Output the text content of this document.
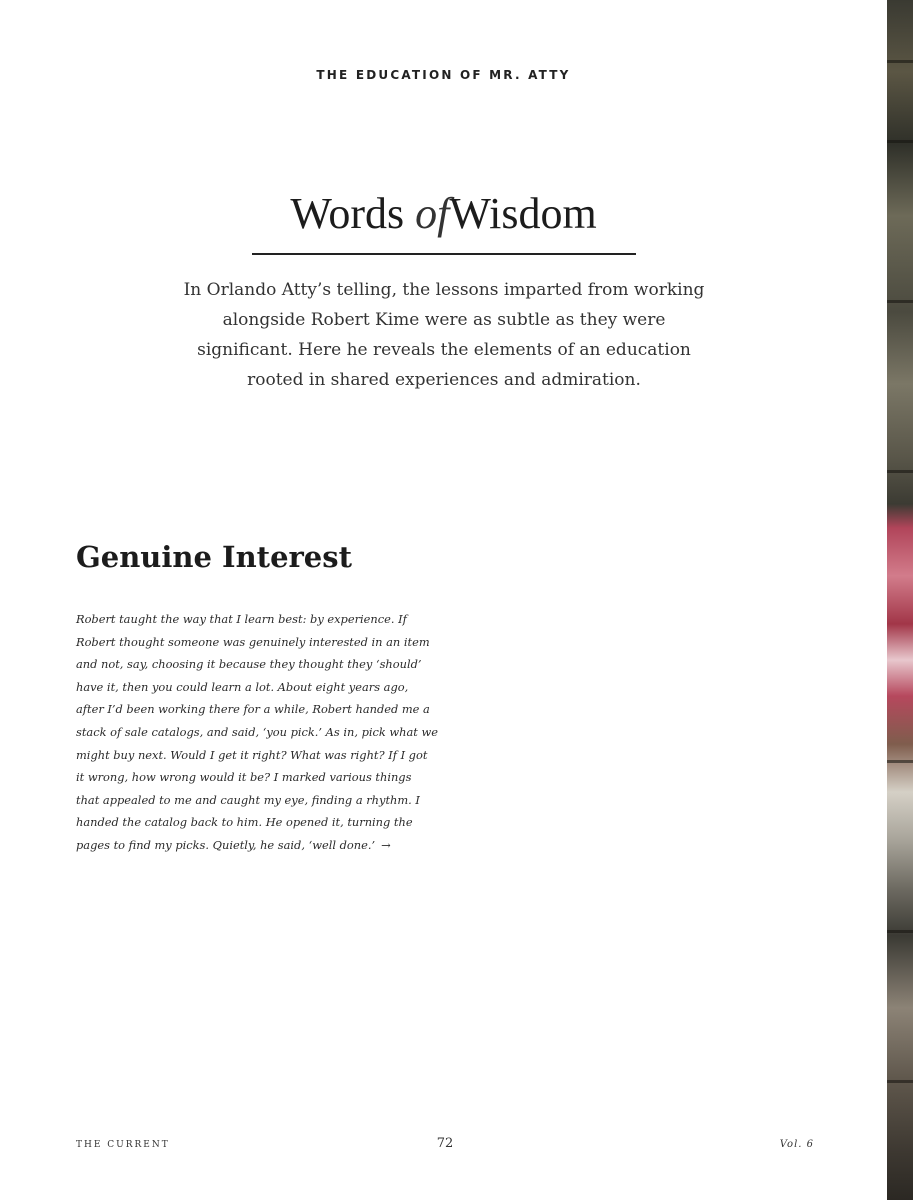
THE EDUCATION OF MR. ATTY
Words ofWisdom

In Orlando Atty’s telling, the lessons imparted from working alongside Robert Kime were as subtle as they were significant. Here he reveals the elements of an education rooted in shared experiences and admiration.

Genuine Interest

Robert taught the way that I learn best: by experience. If Robert thought someone was genuinely interested in an item and not, say, choosing it because they thought they ‘should’ have it, then you could learn a lot. About eight years ago, after I’d been working there for a while, Robert handed me a stack of sale catalogs, and said, ‘you pick.’ As in, pick what we might buy next. Would I get it right? What was right? If I got it wrong, how wrong would it be? I marked various things that appealed to me and caught my eye, finding a rhythm. I handed the catalog back to him. He opened it, turning the pages to find my picks. Quietly, he said, ‘well done.’ →

THE CURRENT	72	Vol. 6
